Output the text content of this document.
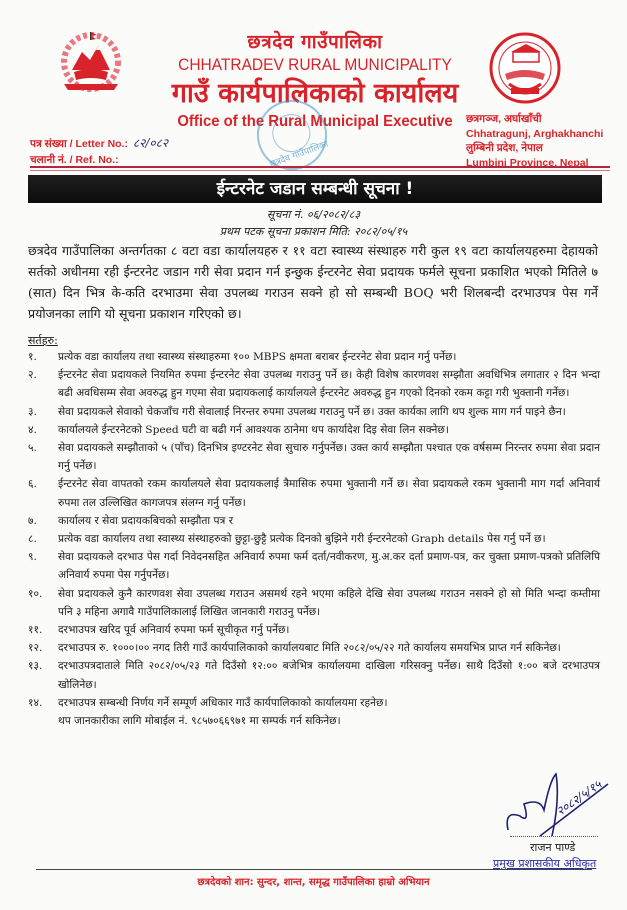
छत्रदेव गाउँपालिका
CHHATRADEV RURAL MUNICIPALITY
गाउँ कार्यपालिकाको कार्यालय
Office of the Rural Municipal Executive	छत्रगञ्ज, अर्घाखाँची
Chhatragunj, Arghakhanchi
लुम्बिनी प्रदेश, नेपाल
Lumbini Province, Nepal
पत्र संख्या / Letter No.: ८२/०८२
चलानी नं. / Ref. No.:	छत्रदेव गाउँपालिका
ईन्टरनेट जडान सम्बन्धी सूचना !
सूचना नं. ०६/२०८२/८३
प्रथम पटक सूचना प्रकाशन मिति: २०८२/०५/१५
छत्रदेव गाउँपालिका अन्तर्गतका ८ वटा वडा कार्यालयहरु र ११ वटा स्वास्थ्य संस्थाहरु गरी कुल १९ वटा कार्यालयहरुमा देहायको सर्तको अधीनमा रही ईन्टरनेट जडान गरी सेवा प्रदान गर्न इन्छुक ईन्टरनेट सेवा प्रदायक फर्मले सूचना प्रकाशित भएको मितिले ७ (सात) दिन भित्र के-कति दरभाउमा सेवा उपलब्ध गराउन सक्ने हो सो सम्बन्धी BOQ भरी शिलबन्दी दरभाउपत्र पेस गर्ने प्रयोजनका लागि यो सूचना प्रकाशन गरिएको छ।
सर्तहरु:
१. प्रत्येक वडा कार्यालय तथा स्वास्थ्य संस्थाहरुमा १०० MBPS क्षमता बराबर ईन्टरनेट सेवा प्रदान गर्नु पर्नेछ।
२. ईन्टरनेट सेवा प्रदायकले नियमित रुपमा ईन्टरनेट सेवा उपलब्ध गराउनु पर्ने छ। केही विशेष कारणवश सम्झौता अवधिभित्र लगातार २ दिन भन्दा बढी अवधिसम्म सेवा अवरुद्ध हुन गएमा सेवा प्रदायकलाई कार्यालयले ईन्टरनेट अवरुद्ध हुन गएको दिनको रकम कट्टा गरी भुक्तानी गर्नेछ।
३. सेवा प्रदायकले सेवाको चेकजाँच गरी सेवालाई निरन्तर रुपमा उपलब्ध गराउनु पर्ने छ। उक्त कार्यका लागि थप शुल्क माग गर्न पाइने छैन।
४. कार्यालयले ईन्टरनेटको Speed घटी वा बढी गर्न आवश्यक ठानेमा थप कार्यादेश दिइ सेवा लिन सक्नेछ।
५. सेवा प्रदायकले सम्झौताको ५ (पाँच) दिनभित्र इण्टरनेट सेवा सुचारु गर्नुपर्नेछ। उक्त कार्य सम्झौता पश्चात एक वर्षसम्म निरन्तर रुपमा सेवा प्रदान गर्नु पर्नेछ।
६. ईन्टरनेट सेवा वापतको रकम कार्यालयले सेवा प्रदायकलाई त्रैमासिक रुपमा भुक्तानी गर्ने छ। सेवा प्रदायकले रकम भुक्तानी माग गर्दा अनिवार्य रुपमा तल उल्लिखित कागजपत्र संलग्न गर्नु पर्नेछ।
७. कार्यालय र सेवा प्रदायकबिचको सम्झौता पत्र र
८. प्रत्येक वडा कार्यालय तथा स्वास्थ्य संस्थाहरुको छुट्टा-छुट्टै प्रत्येक दिनको बुझिने गरी ईन्टरनेटको Graph details पेस गर्नु पर्ने छ।
९. सेवा प्रदायकले दरभाउ पेस गर्दा निवेदनसहित अनिवार्य रुपमा फर्म दर्ता/नवीकरण, मु.अ.कर दर्ता प्रमाण-पत्र, कर चुक्ता प्रमाण-पत्रको प्रतिलिपि अनिवार्य रुपमा पेस गर्नुपर्नेछ।
१०. सेवा प्रदायकले कुनै कारणवश सेवा उपलब्ध गराउन असमर्थ रहने भएमा कहिले देखि सेवा उपलब्ध गराउन नसक्ने हो सो मिति भन्दा कम्तीमा पनि ३ महिना अगावै गाउँपालिकालाई लिखित जानकारी गराउनु पर्नेछ।
११. दरभाउपत्र खरिद पूर्व अनिवार्य रुपमा फर्म सूचीकृत गर्नु पर्नेछ।
१२. दरभाउपत्र रु. १०००।०० नगद तिरी गाउँ कार्यपालिकाको कार्यालयबाट मिति २०८२/०५/२२ गते कार्यालय समयभित्र प्राप्त गर्न सकिनेछ।
१३. दरभाउपत्रदाताले मिति २०८२/०५/२३ गते दिउँसो १२:०० बजेभित्र कार्यालयमा दाखिला गरिसक्नु पर्नेछ। साथै दिउँसो १:०० बजे दरभाउपत्र खोलिनेछ।
१४. दरभाउपत्र सम्बन्धी निर्णय गर्ने सम्पूर्ण अधिकार गाउँ कार्यपालिकाको कार्यालयमा रहनेछ।
थप जानकारीका लागि मोबाईल नं. ९८५७०६६९७१ मा सम्पर्क गर्न सकिनेछ।
२०८२/५/१५
राजन पाण्डे
प्रमुख प्रशासकीय अधिकृत
छत्रदेवको शान: सुन्दर, शान्त, समृद्ध गाउँपालिका हाम्रो अभियान
